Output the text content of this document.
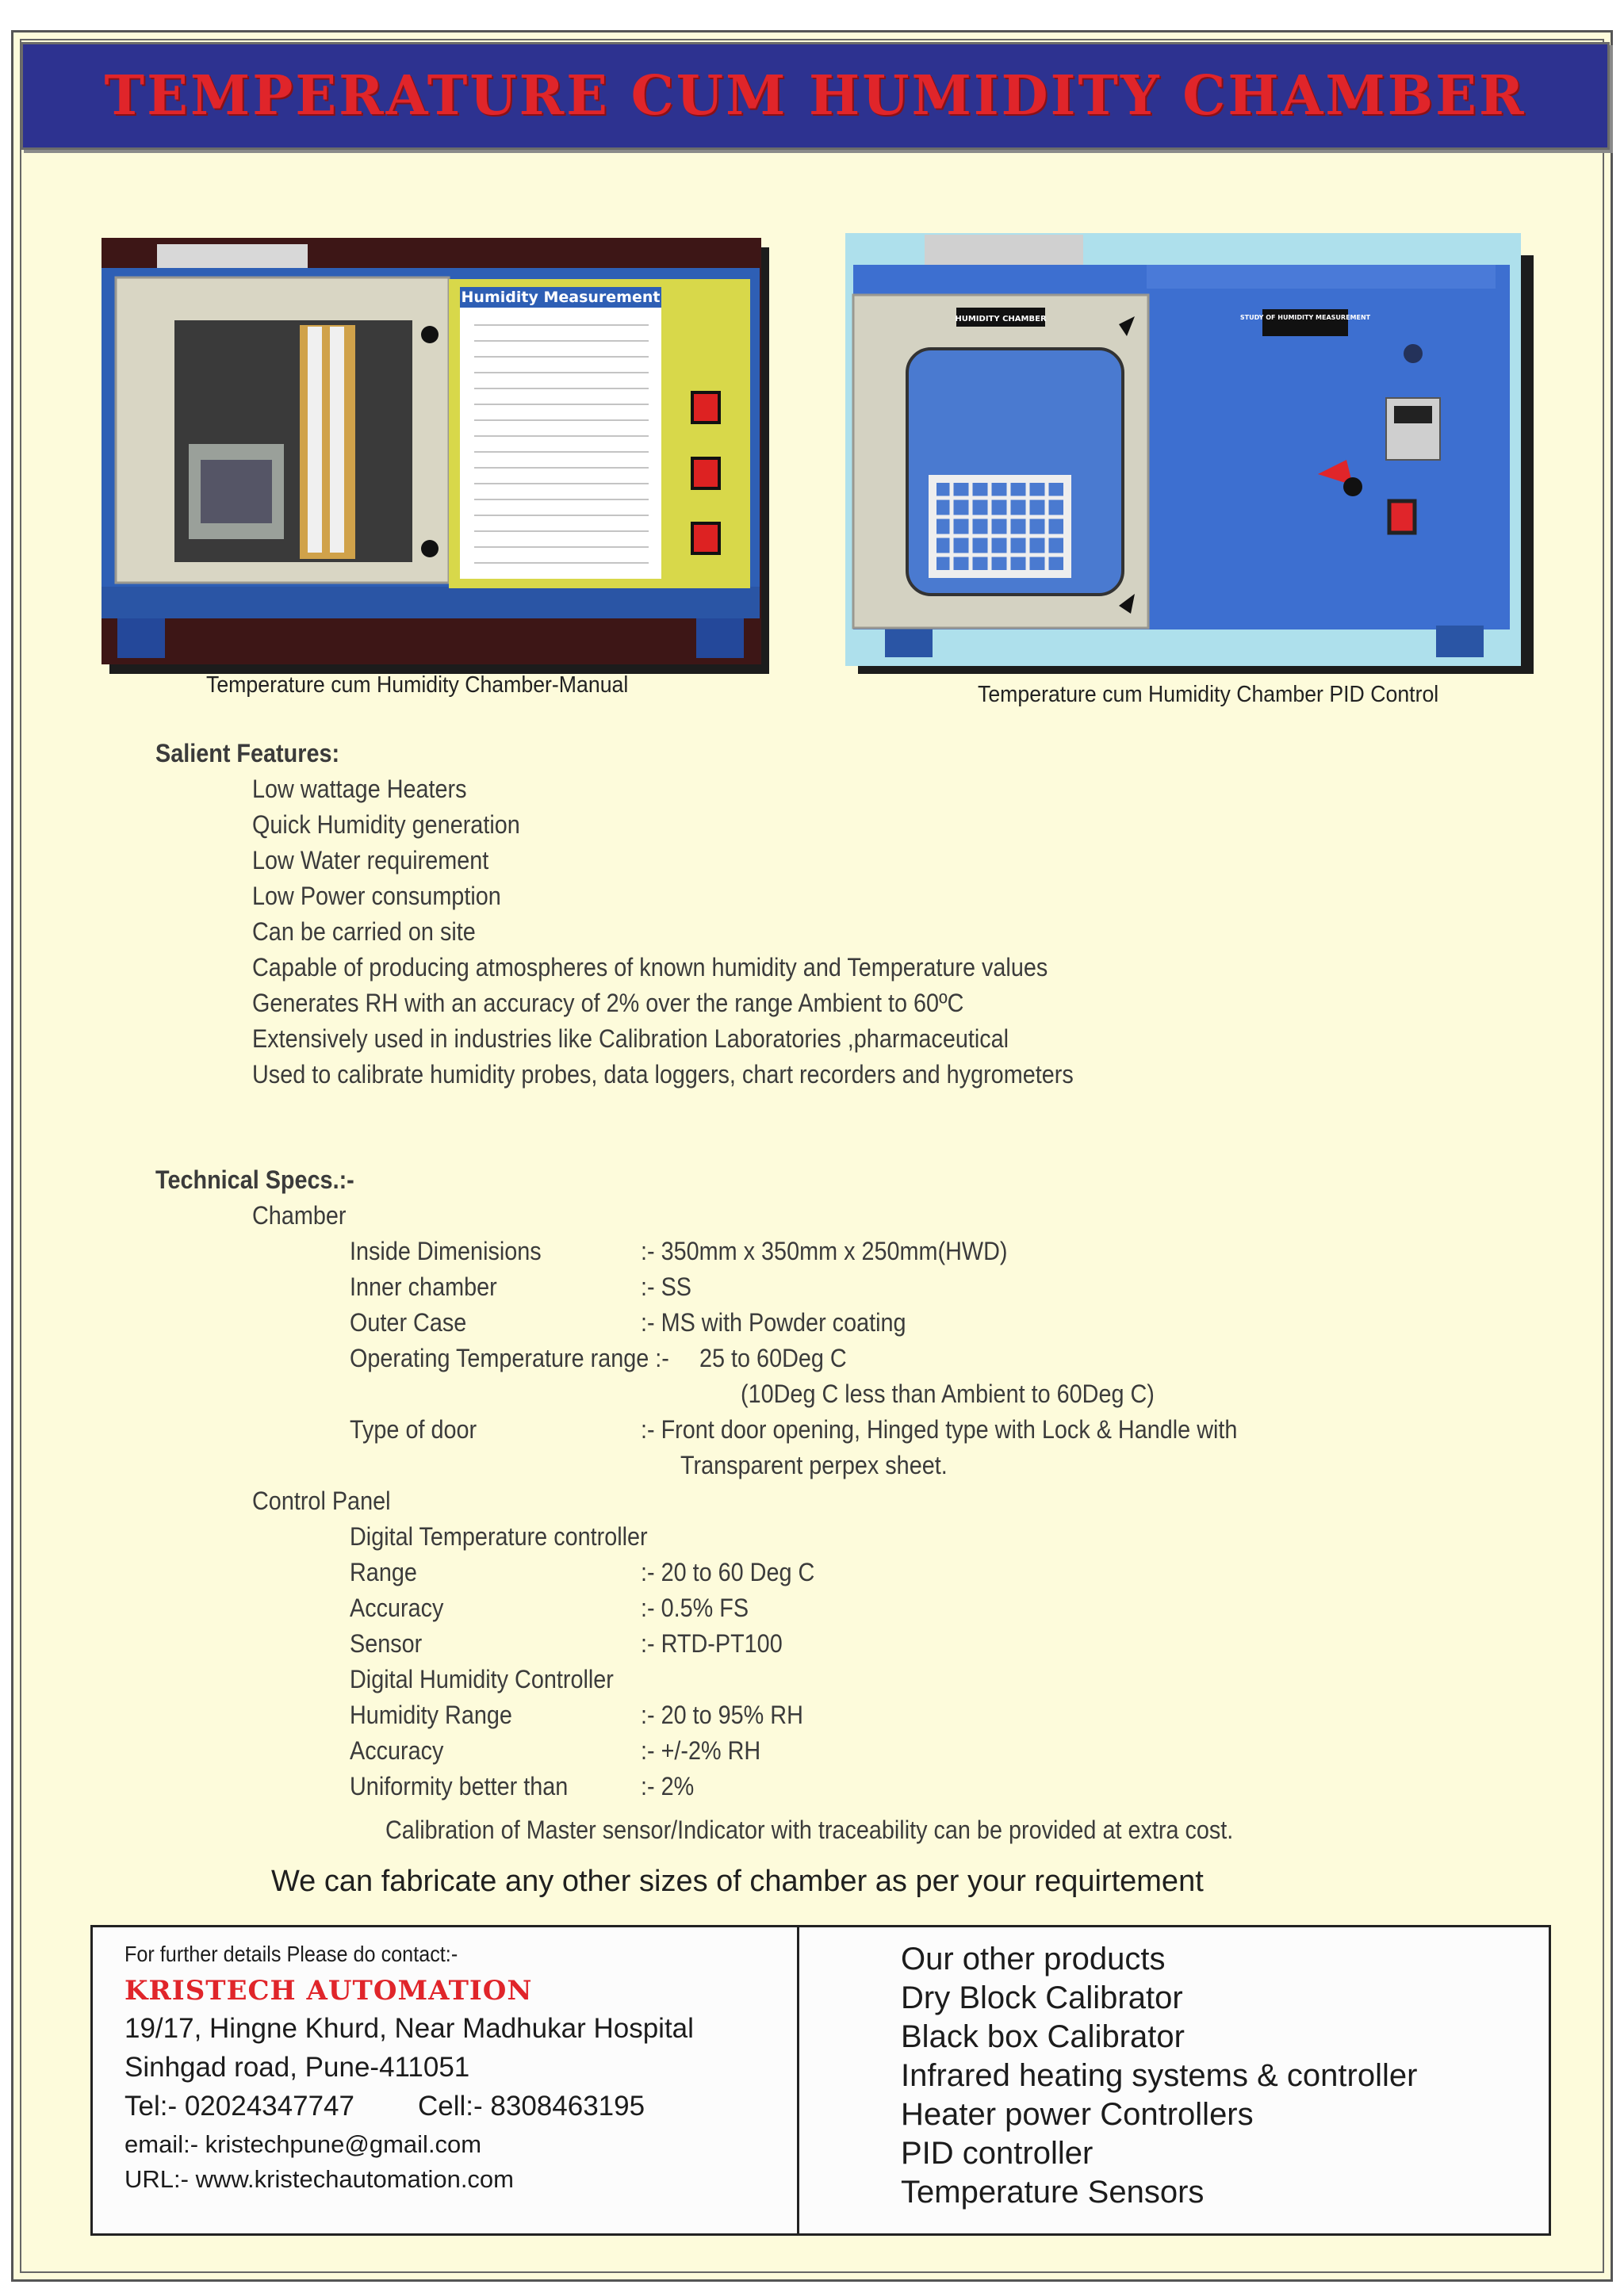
TEMPERATURE CUM HUMIDITY CHAMBER
Humidity Measurement
Temperature cum Humidity Chamber-Manual
HUMIDITY CHAMBER	STUDY OF HUMIDITY MEASUREMENT
Temperature cum Humidity Chamber PID Control
Salient Features:
Low wattage Heaters
Quick Humidity generation
Low Water requirement
Low Power consumption
Can be carried on site
Capable of producing atmospheres of known humidity and Temperature values
Generates RH with an accuracy of 2% over the range Ambient to 60ºC
Extensively used in industries like Calibration Laboratories ,pharmaceutical
Used to calibrate humidity probes, data loggers, chart recorders and hygrometers
Technical Specs.:-
Chamber
Inside Dimenisions	:- 350mm x 350mm x 250mm(HWD)
Inner chamber	:- SS
Outer Case	:- MS with Powder coating
Operating Temperature range :- 25 to 60Deg C
(10Deg C less than Ambient to 60Deg C)
Type of door	:- Front door opening, Hinged type with Lock & Handle with
Transparent perpex sheet.
Control Panel
Digital Temperature controller
Range	:- 20 to 60 Deg C
Accuracy	:- 0.5% FS
Sensor	:- RTD-PT100
Digital Humidity Controller
Humidity Range	:- 20 to 95% RH
Accuracy	:- +/-2% RH
Uniformity better than	:- 2%
Calibration of Master sensor/Indicator with traceability can be provided at extra cost.
We can fabricate any other sizes of chamber as per your requirtement
For further details Please do contact:-
KRISTECH AUTOMATION
19/17, Hingne Khurd, Near Madhukar Hospital
Sinhgad road, Pune-411051
Tel:- 02024347747 Cell:- 8308463195
email:- kristechpune@gmail.com
URL:- www.kristechautomation.com
Our other products
Dry Block Calibrator
Black box Calibrator
Infrared heating systems & controller
Heater power Controllers
PID controller
Temperature Sensors
